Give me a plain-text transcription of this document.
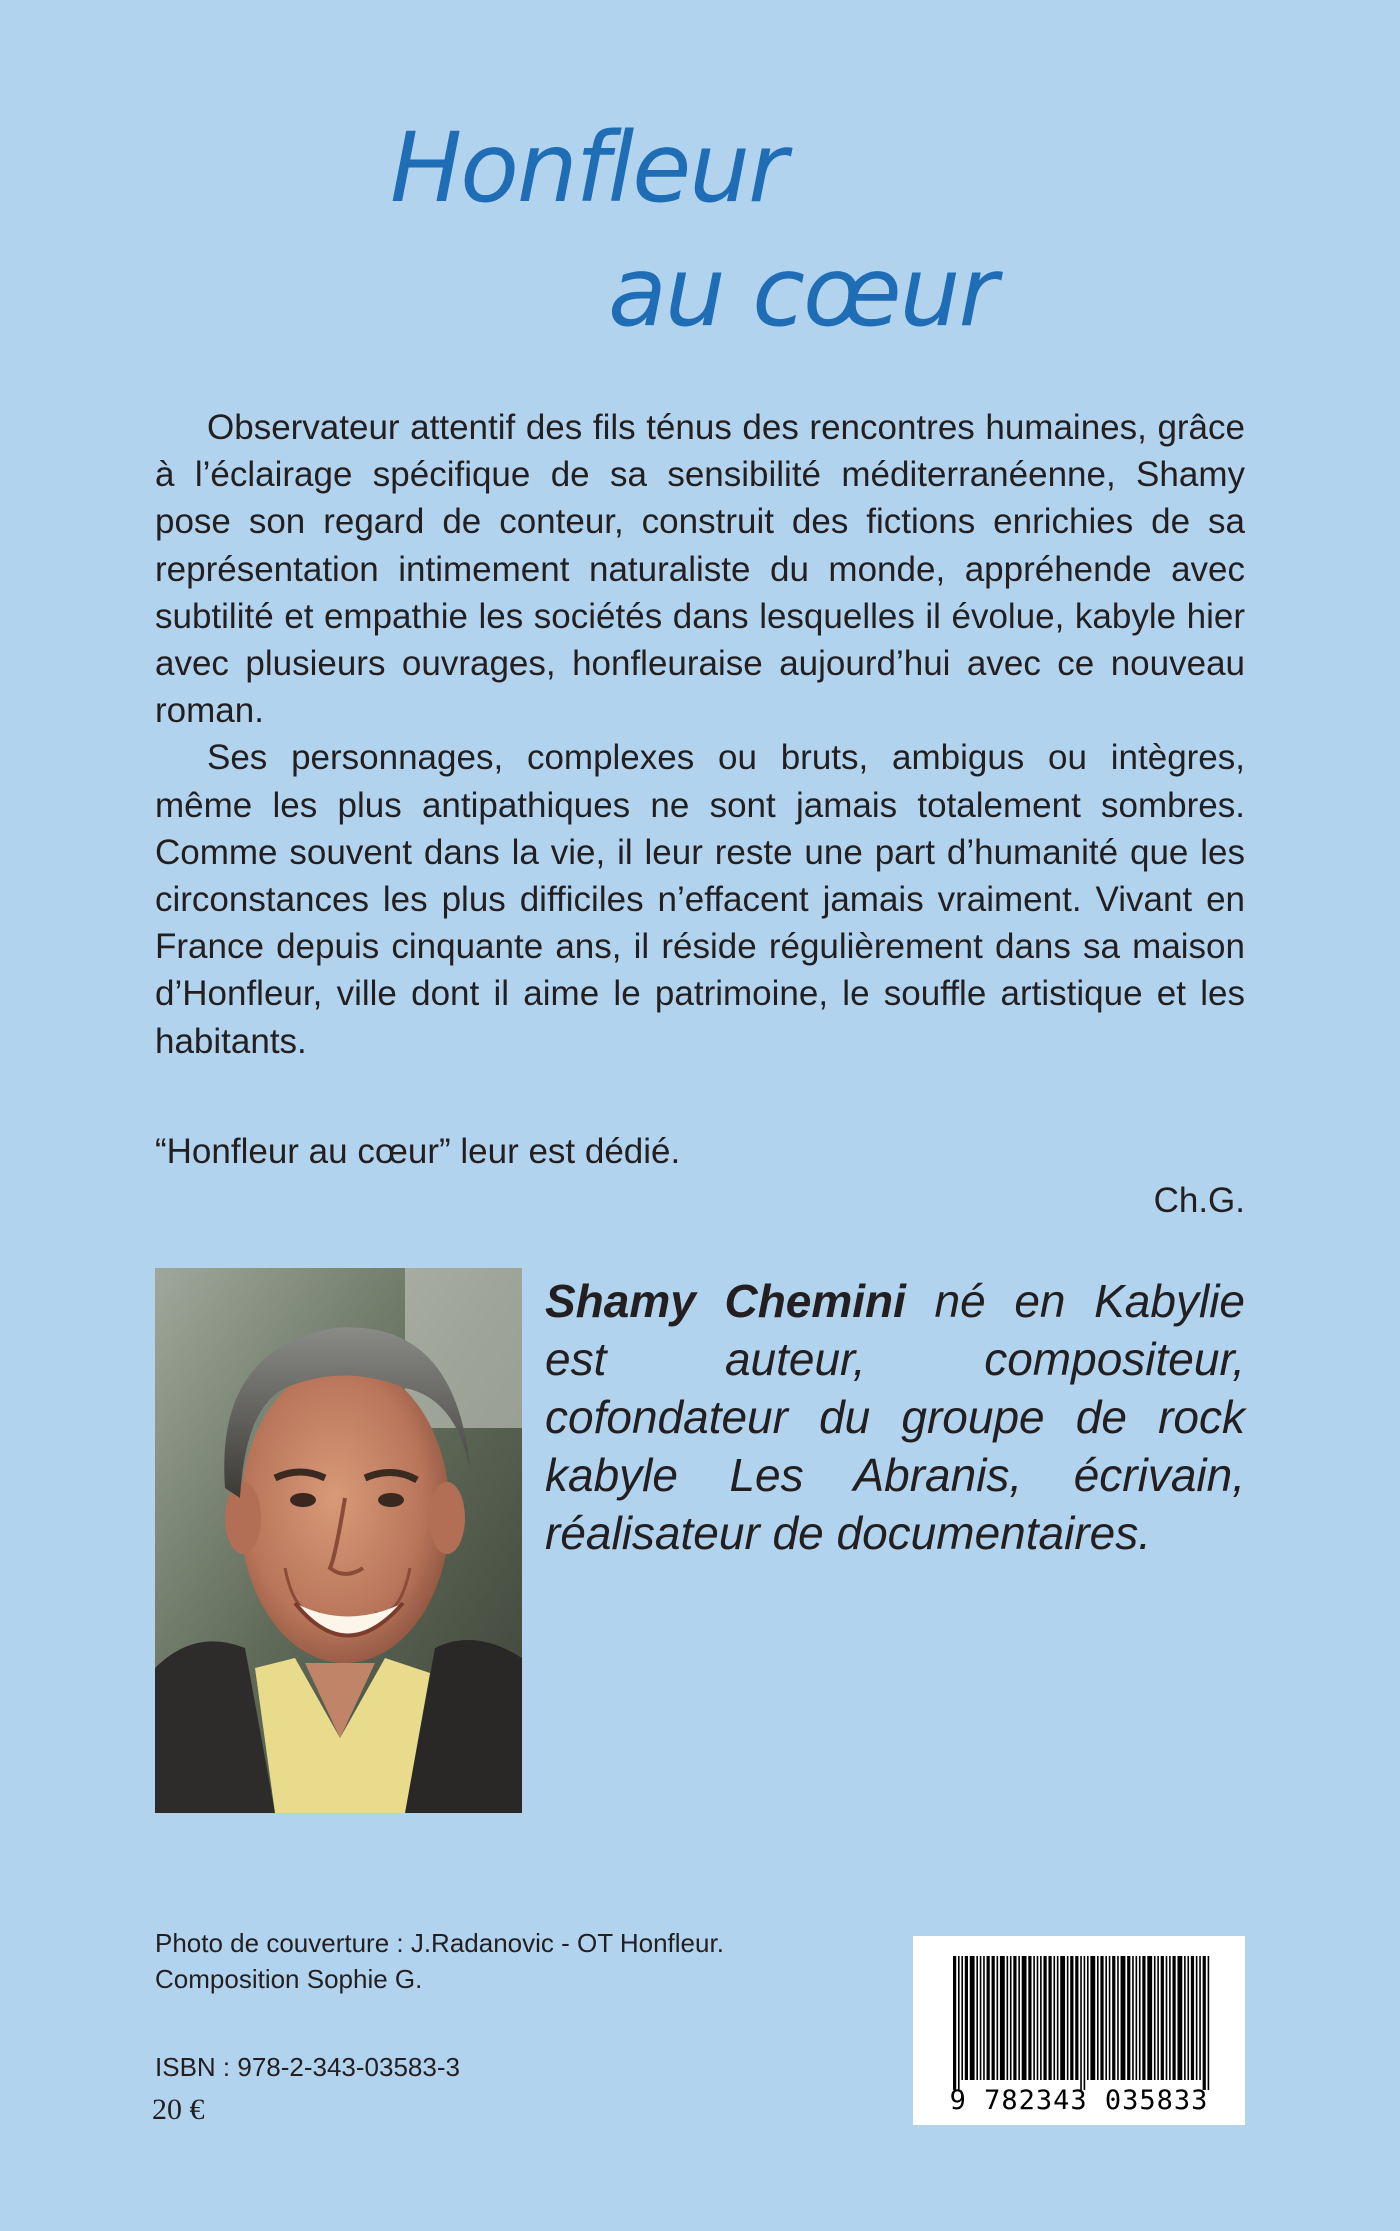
Honfleur
au cœur

Observateur attentif des fils ténus des rencontres humaines, grâce à l’éclairage spécifique de sa sensibilité méditerranéenne, Shamy pose son regard de conteur, construit des fictions enrichies de sa représentation intimement naturaliste du monde, appréhende avec subtilité et empathie les sociétés dans lesquelles il évolue, kabyle hier avec plusieurs ouvrages, honfleuraise aujourd’hui avec ce nouveau roman.

Ses personnages, complexes ou bruts, ambigus ou intègres, même les plus antipathiques ne sont jamais totalement sombres. Comme souvent dans la vie, il leur reste une part d’humanité que les circonstances les plus difficiles n’effacent jamais vraiment. Vivant en France depuis cinquante ans, il réside régulièrement dans sa maison d’Honfleur, ville dont il aime le patrimoine, le souffle artistique et les habitants.

“Honfleur au cœur” leur est dédié.
Ch.G.

Shamy Chemini né en Kabylie est auteur, compositeur, cofondateur du groupe de rock kabyle Les Abranis, écrivain, réalisateur de documentaires.

Photo de couverture : J.Radanovic - OT Honfleur.
Composition Sophie G.
ISBN : 978-2-343-03583-3
20 €	9 782343 035833
